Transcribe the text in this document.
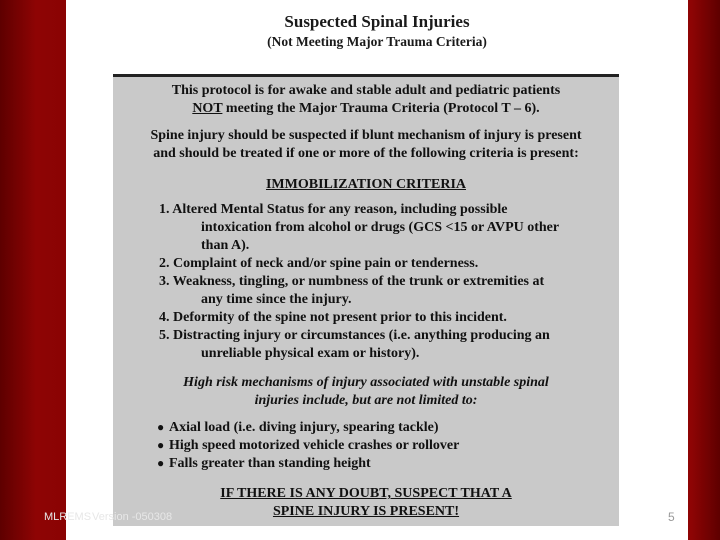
Suspected Spinal Injuries
(Not Meeting Major Trauma Criteria)
This protocol is for awake and stable adult and pediatric patients
NOT meeting the Major Trauma Criteria (Protocol T – 6).
Spine injury should be suspected if blunt mechanism of injury is present
and should be treated if one or more of the following criteria is present:
IMMOBILIZATION CRITERIA
1. Altered Mental Status for any reason, including possible
intoxication from alcohol or drugs (GCS <15 or AVPU other
than A).
2. Complaint of neck and/or spine pain or tenderness.
3. Weakness, tingling, or numbness of the trunk or extremities at
any time since the injury.
4. Deformity of the spine not present prior to this incident.
5. Distracting injury or circumstances (i.e. anything producing an
unreliable physical exam or history).
High risk mechanisms of injury associated with unstable spinal
injuries include, but are not limited to:
● Axial load (i.e. diving injury, spearing tackle)
● High speed motorized vehicle crashes or rollover
● Falls greater than standing height
IF THERE IS ANY DOUBT, SUSPECT THAT A
SPINE INJURY IS PRESENT!
MLREMS Version -050308	5
